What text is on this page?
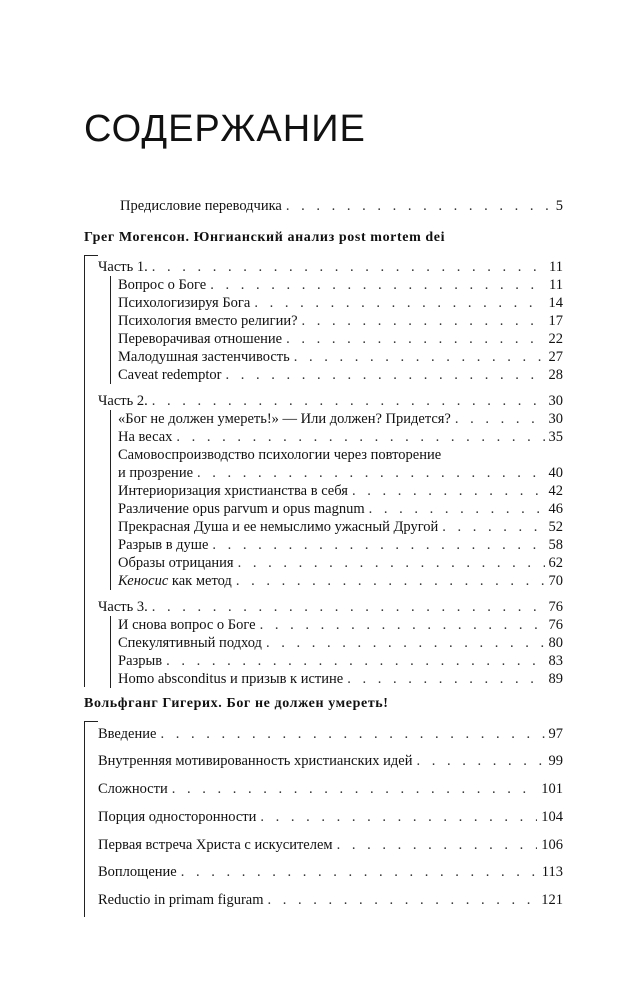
СОДЕРЖАНИЕ
Предисловие переводчика . . .	5
Грег Могенсон. Юнгианский анализ post mortem dei
Часть 1. . . .	11
Вопрос о Боге . . .	11
Психологизируя Бога . . .	14
Психология вместо религии? . . .	17
Переворачивая отношение . . .	22
Малодушная застенчивость . . .	27
Caveat redemptor . . .	28
Часть 2. . . .	30
«Бог не должен умереть!» — Или должен? Придется? . . .	30
На весах . . .	35
Самовоспроизводство психологии через повторение
и прозрение . . .	40
Интериоризация христианства в себя . . .	42
Различение opus parvum и opus magnum . . .	46
Прекрасная Душа и ее немыслимо ужасный Другой . . .	52
Разрыв в душе . . .	58
Образы отрицания . . .	62
Кеносис как метод . . .	70
Часть 3. . . .	76
И снова вопрос о Боге . . .	76
Спекулятивный подход . . .	80
Разрыв . . .	83
Homo absconditus и призыв к истине . . .	89
Вольфганг Гигерих. Бог не должен умереть!
Введение . . .	97
Внутренняя мотивированность христианских идей . . .	99
Сложности . . .	101
Порция односторонности . . .	104
Первая встреча Христа с искусителем . . .	106
Воплощение . . .	113
Reductio in primam figuram . . .	121
